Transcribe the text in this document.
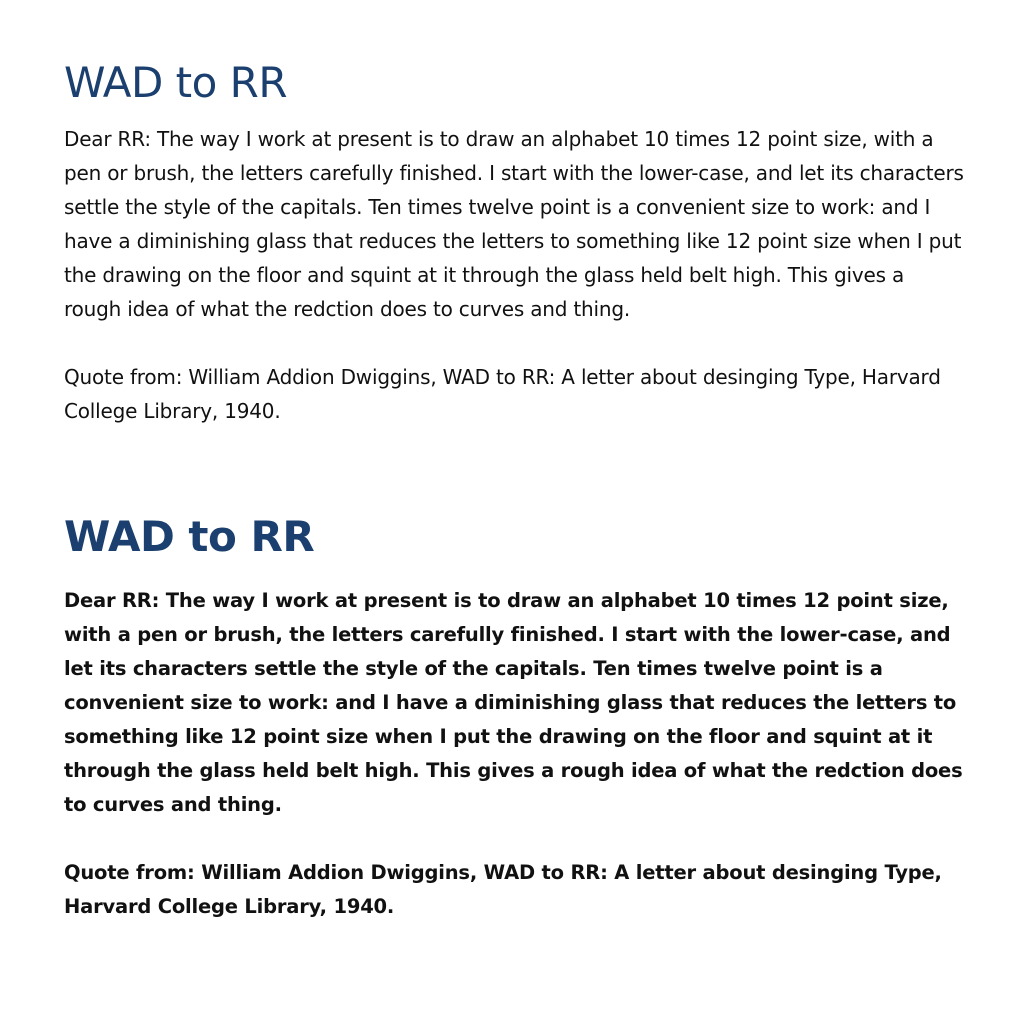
WAD to RR

Dear RR: The way I work at present is to draw an alphabet 10 times 12 point size, with a pen or brush, the letters carefully finished. I start with the lower-case, and let its characters settle the style of the capitals. Ten times twelve point is a convenient size to work: and I have a diminishing glass that reduces the letters to something like 12 point size when I put the drawing on the floor and squint at it through the glass held belt high. This gives a rough idea of what the redction does to curves and thing.

Quote from: William Addion Dwiggins, WAD to RR: A letter about desinging Type, Harvard College Library, 1940.

WAD to RR

Dear RR: The way I work at present is to draw an alphabet 10 times 12 point size, with a pen or brush, the letters carefully finished. I start with the lower-case, and let its characters settle the style of the capitals. Ten times twelve point is a convenient size to work: and I have a diminishing glass that reduces the letters to something like 12 point size when I put the drawing on the floor and squint at it through the glass held belt high. This gives a rough idea of what the redction does to curves and thing.

Quote from: William Addion Dwiggins, WAD to RR: A letter about desinging Type, Harvard College Library, 1940.
